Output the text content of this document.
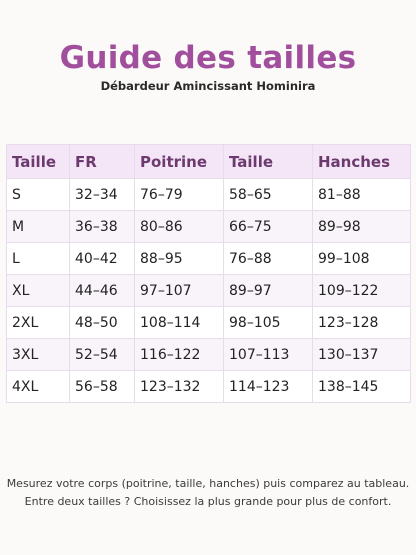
Guide des tailles

Débardeur Amincissant Hominira

Taille	FR	Poitrine	Taille	Hanches
S	32–34	76–79	58–65	81–88
M	36–38	80–86	66–75	89–98
L	40–42	88–95	76–88	99–108
XL	44–46	97–107	89–97	109–122
2XL	48–50	108–114	98–105	123–128
3XL	52–54	116–122	107–113	130–137
4XL	56–58	123–132	114–123	138–145

Mesurez votre corps (poitrine, taille, hanches) puis comparez au tableau.

Entre deux tailles ? Choisissez la plus grande pour plus de confort.
